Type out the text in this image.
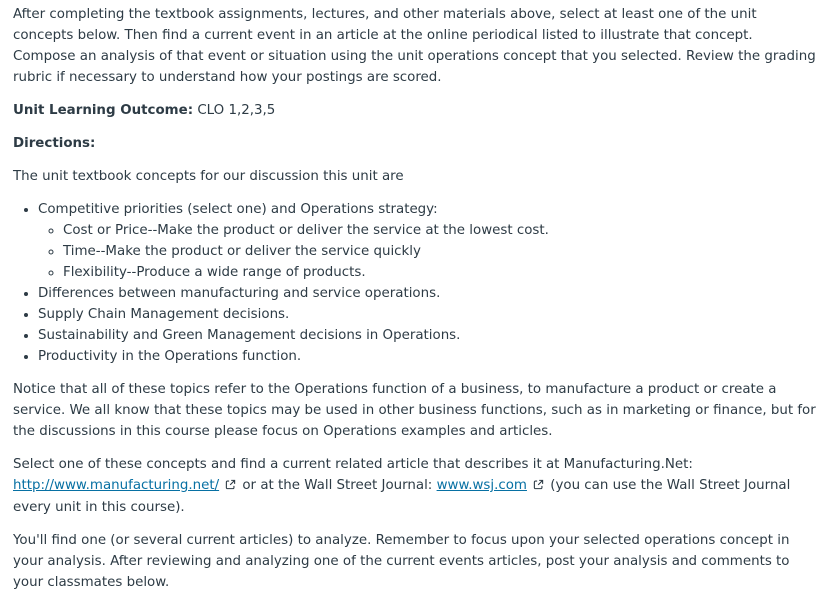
After completing the textbook assignments, lectures, and other materials above, select at least one of the unit concepts below. Then find a current event in an article at the online periodical listed to illustrate that concept. Compose an analysis of that event or situation using the unit operations concept that you selected. Review the grading rubric if necessary to understand how your postings are scored.

Unit Learning Outcome: CLO 1,2,3,5

Directions:

The unit textbook concepts for our discussion this unit are

• Competitive priorities (select one) and Operations strategy:
◦ Cost or Price--Make the product or deliver the service at the lowest cost.
◦ Time--Make the product or deliver the service quickly
◦ Flexibility--Produce a wide range of products.
• Differences between manufacturing and service operations.
• Supply Chain Management decisions.
• Sustainability and Green Management decisions in Operations.
• Productivity in the Operations function.

Notice that all of these topics refer to the Operations function of a business, to manufacture a product or create a service. We all know that these topics may be used in other business functions, such as in marketing or finance, but for the discussions in this course please focus on Operations examples and articles.

Select one of these concepts and find a current related article that describes it at Manufacturing.Net: http://www.manufacturing.net/ or at the Wall Street Journal: www.wsj.com (you can use the Wall Street Journal every unit in this course).

You'll find one (or several current articles) to analyze. Remember to focus upon your selected operations concept in your analysis. After reviewing and analyzing one of the current events articles, post your analysis and comments to your classmates below.
